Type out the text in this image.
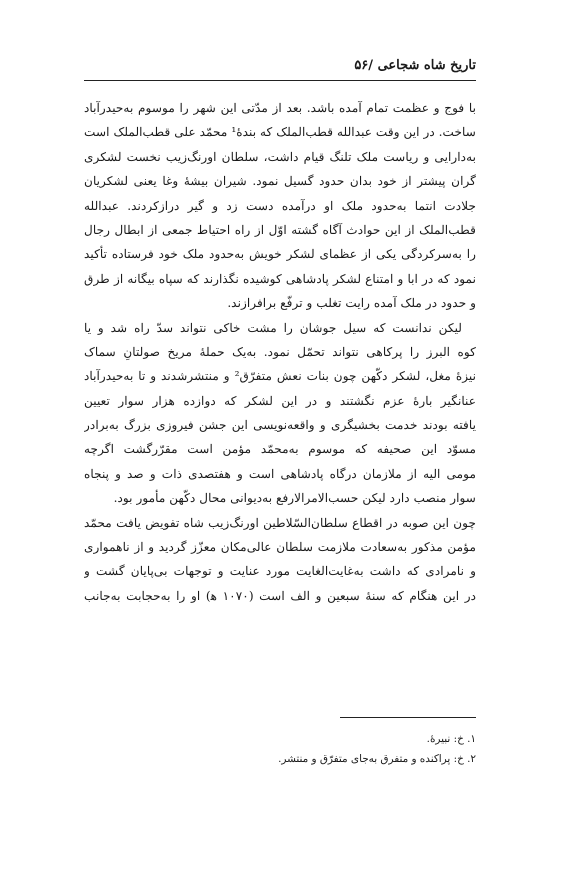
تاریخ شاه شجاعی /۵۶
با فوج و عظمت تمام آمده باشد. بعد از مدّتی این شهر را موسوم به‌حیدرآباد
ساخت. در این وقت عبدالله قطب‌الملک که بندهٔ¹ محمّد علی قطب‌الملک است
به‌دارایی و ریاست ملک تلنگ قیام داشت، سلطان اورنگ‌زیب نخست لشکری
گران پیشتر از خود بدان حدود گسیل نمود. شیران بیشهٔ وغا یعنی لشکریان
جلادت انتما به‌حدود ملک او درآمده دست زد و گیر درازکردند. عبدالله
قطب‌الملک از این حوادث آگاه گشته اوّل از راه احتیاط جمعی از ابطال رجال
را به‌سرکردگی یکی از عظمای لشکر خویش به‌حدود ملک خود فرستاده تأکید
نمود که در ابا و امتناع لشکر پادشاهی کوشیده نگذارند که سپاه بیگانه از طرق
و حدود در ملک آمده رایت تغلب و ترفّع برافرازند.
لیکن ندانست که سیل جوشان را مشت خاکی نتواند سدّ راه شد و یا
کوه البرز را پرکاهی نتواند تحمّل نمود. به‌یک حملهٔ مریخ صولتانِ سماک
نیزهٔ مغل، لشکر دکّهن چون بنات نعش متفرّق² و منتشرشدند و تا به‌حیدرآباد
عنانگیر بارهٔ عزم نگشتند و در این لشکر که دوازده هزار سوار تعیین
یافته بودند خدمت بخشیگری و واقعه‌نویسی این جشن فیروزی بزرگ به‌برادر
مسوّد این صحیفه که موسوم به‌محمّد مؤمن است مقرّرگشت اگرچه
مومی الیه از ملازمان درگاه پادشاهی است و هفتصدی ذات و صد و پنجاه
سوار منصب دارد لیکن حسب‌الامرالارفع به‌دیوانی محال دکّهن مأمور بود.
چون این صوبه در اقطاع سلطان‌السّلاطین اورنگ‌زیب شاه تفویض یافت محمّد
مؤمن مذکور به‌سعادت ملازمت سلطان عالی‌مکان معزّز گردید و از ناهمواری
و نامرادی که داشت به‌غایت‌الغایت مورد عنایت و توجهات بی‌پایان گشت و
در این هنگام که سنهٔ سبعین و الف است (۱۰۷۰ ﻫ) او را به‌حجابت به‌جانب
۱. خ: نبیرهٔ.
۲. خ: پراکنده و متفرق به‌جای متفرّق و منتشر.
